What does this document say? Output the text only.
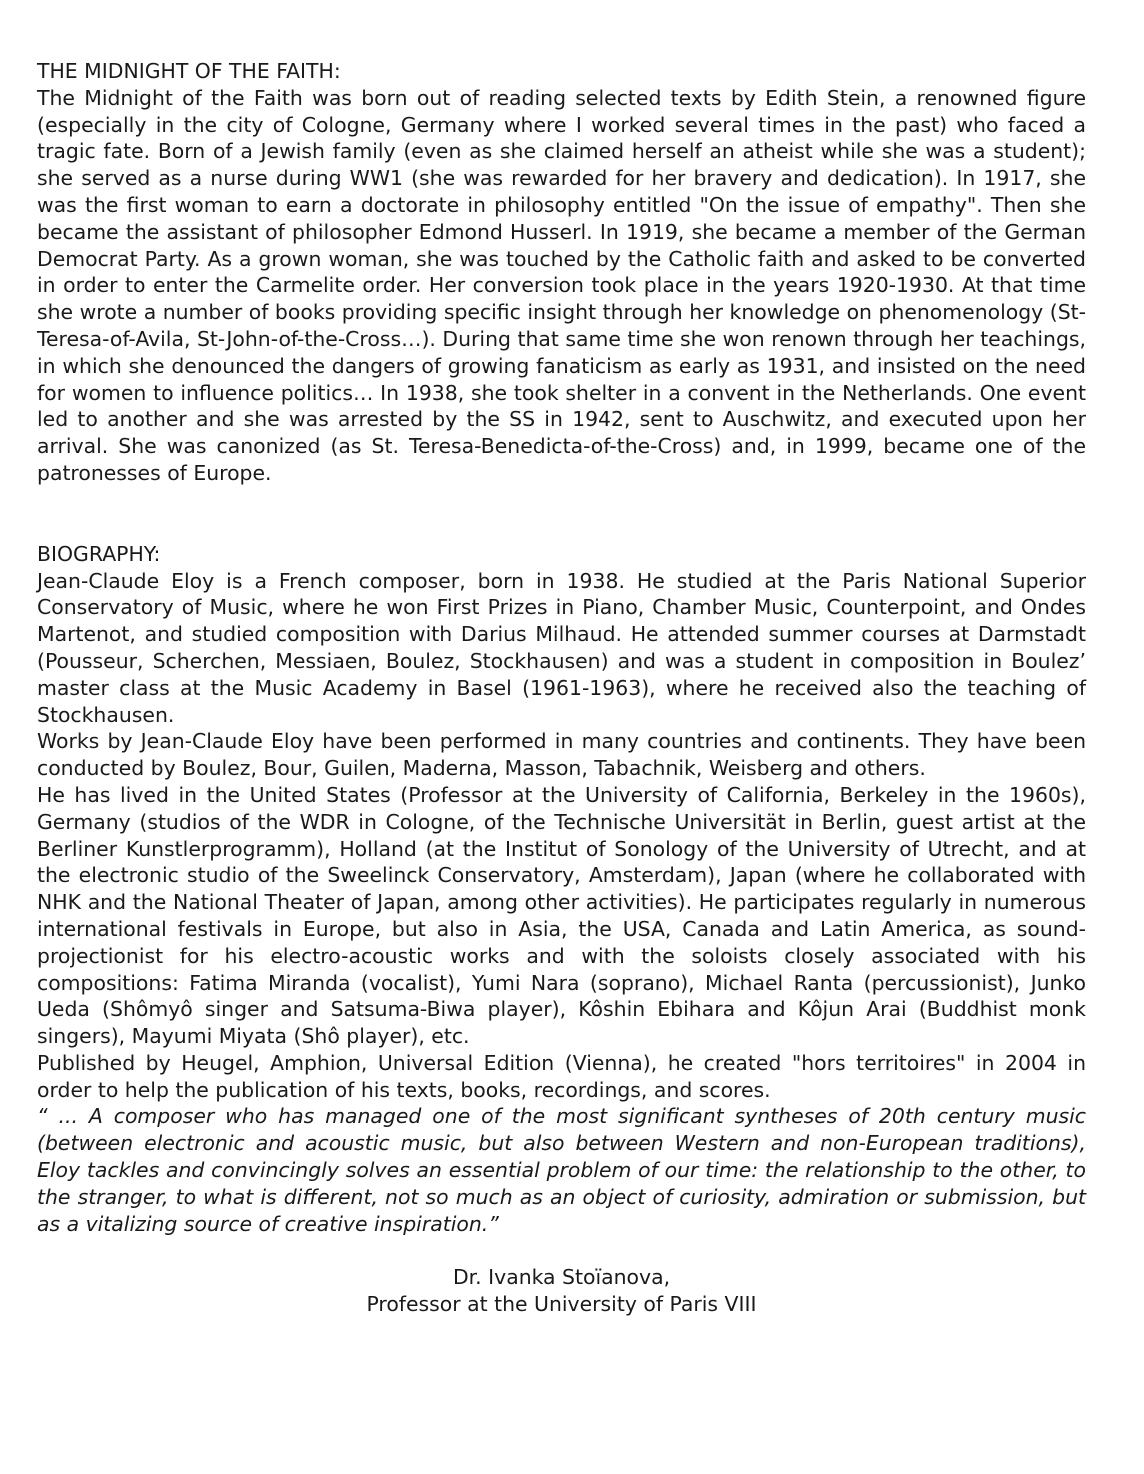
THE MIDNIGHT OF THE FAITH:

The Midnight of the Faith was born out of reading selected texts by Edith Stein, a renowned figure (especially in the city of Cologne, Germany where I worked several times in the past) who faced a tragic fate. Born of a Jewish family (even as she claimed herself an atheist while she was a student); she served as a nurse during WW1 (she was rewarded for her bravery and dedication). In 1917, she was the first woman to earn a doctorate in philosophy entitled "On the issue of empathy". Then she became the assistant of philosopher Edmond Husserl. In 1919, she became a member of the German Democrat Party. As a grown woman, she was touched by the Catholic faith and asked to be converted in order to enter the Carmelite order. Her conversion took place in the years 1920-1930. At that time she wrote a number of books providing specific insight through her knowledge on phenomenology (St-Teresa-of-Avila, St-John-of-the-Cross…). During that same time she won renown through her teachings, in which she denounced the dangers of growing fanaticism as early as 1931, and insisted on the need for women to influence politics… In 1938, she took shelter in a convent in the Netherlands. One event led to another and she was arrested by the SS in 1942, sent to Auschwitz, and executed upon her arrival. She was canonized (as St. Teresa-Benedicta-of-the-Cross) and, in 1999, became one of the patronesses of Europe.

BIOGRAPHY:

Jean-Claude Eloy is a French composer, born in 1938. He studied at the Paris National Superior Conservatory of Music, where he won First Prizes in Piano, Chamber Music, Counterpoint, and Ondes Martenot, and studied composition with Darius Milhaud. He attended summer courses at Darmstadt (Pousseur, Scherchen, Messiaen, Boulez, Stockhausen) and was a student in composition in Boulez’ master class at the Music Academy in Basel (1961-1963), where he received also the teaching of Stockhausen.

Works by Jean-Claude Eloy have been performed in many countries and continents. They have been conducted by Boulez, Bour, Guilen, Maderna, Masson, Tabachnik, Weisberg and others.

He has lived in the United States (Professor at the University of California, Berkeley in the 1960s), Germany (studios of the WDR in Cologne, of the Technische Universität in Berlin, guest artist at the Berliner Kunstlerprogramm), Holland (at the Institut of Sonology of the University of Utrecht, and at the electronic studio of the Sweelinck Conservatory, Amsterdam), Japan (where he collaborated with NHK and the National Theater of Japan, among other activities). He participates regularly in numerous international festivals in Europe, but also in Asia, the USA, Canada and Latin America, as sound-projectionist for his electro-acoustic works and with the soloists closely associated with his compositions: Fatima Miranda (vocalist), Yumi Nara (soprano), Michael Ranta (percussionist), Junko Ueda (Shômyô singer and Satsuma-Biwa player), Kôshin Ebihara and Kôjun Arai (Buddhist monk singers), Mayumi Miyata (Shô player), etc.

Published by Heugel, Amphion, Universal Edition (Vienna), he created "hors territoires" in 2004 in order to help the publication of his texts, books, recordings, and scores.

“ ... A composer who has managed one of the most significant syntheses of 20th century music (between electronic and acoustic music, but also between Western and non-European traditions), Eloy tackles and convincingly solves an essential problem of our time: the relationship to the other, to the stranger, to what is different, not so much as an object of curiosity, admiration or submission, but as a vitalizing source of creative inspiration.”

Dr. Ivanka Stoïanova,
Professor at the University of Paris VIII
